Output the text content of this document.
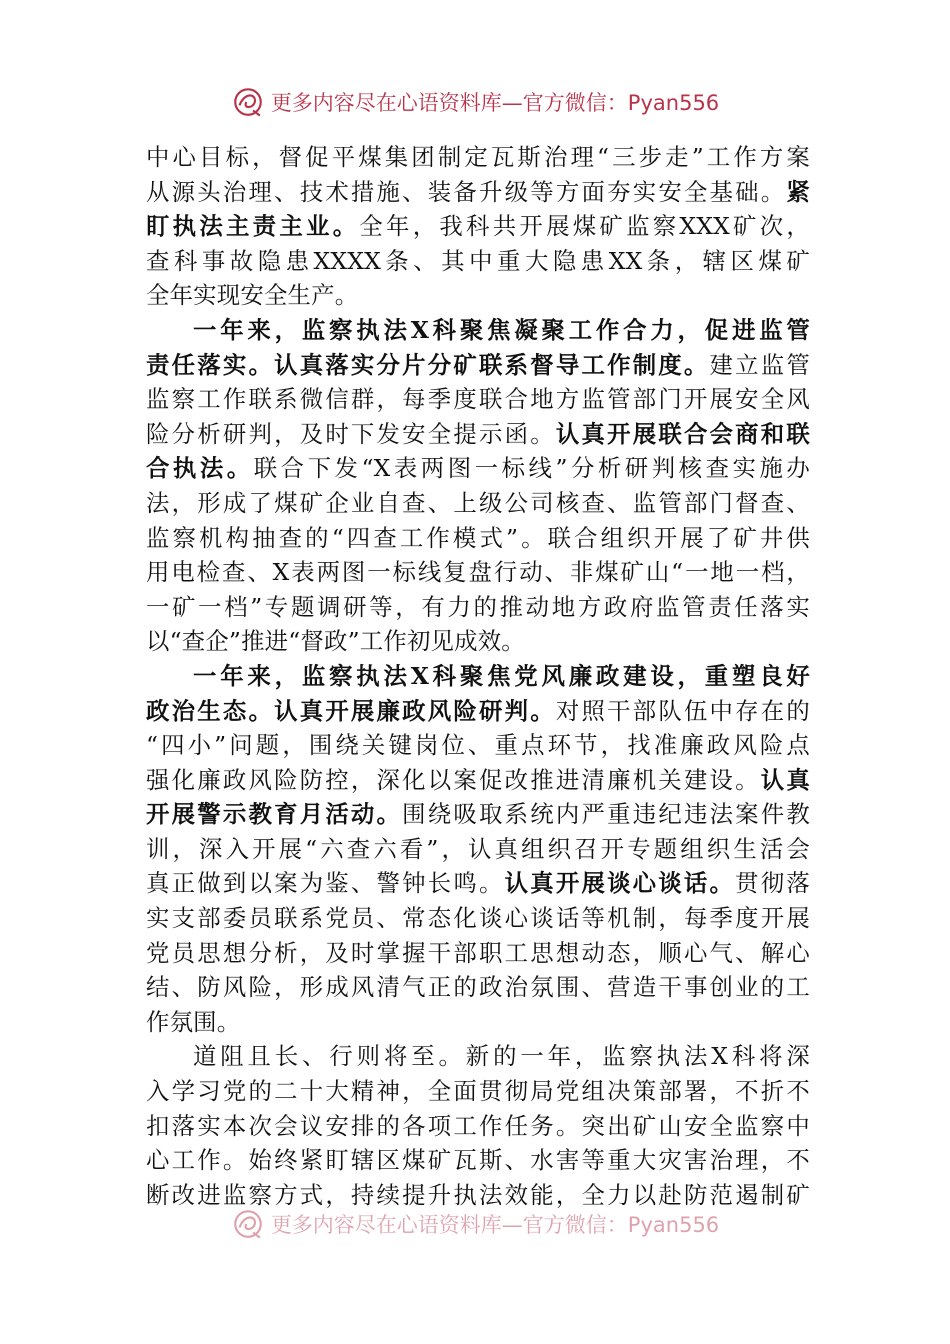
更多内容尽在心语资料库—官方微信：Pyan556
中心目标，督促平煤集团制定瓦斯治理“三步走”工作方案
从源头治理、技术措施、装备升级等方面夯实安全基础。紧
盯执法主责主业。全年，我科共开展煤矿监察XXX矿次，
查科事故隐患XXXX条、其中重大隐患XX条，辖区煤矿
全年实现安全生产。
一年来，监察执法X科聚焦凝聚工作合力，促进监管
责任落实。认真落实分片分矿联系督导工作制度。建立监管
监察工作联系微信群，每季度联合地方监管部门开展安全风
险分析研判，及时下发安全提示函。认真开展联合会商和联
合执法。联合下发“X表两图一标线”分析研判核查实施办
法，形成了煤矿企业自查、上级公司核查、监管部门督查、
监察机构抽查的“四查工作模式”。联合组织开展了矿井供
用电检查、X表两图一标线复盘行动、非煤矿山“一地一档，
一矿一档”专题调研等，有力的推动地方政府监管责任落实
以“查企”推进“督政”工作初见成效。
一年来，监察执法X科聚焦党风廉政建设，重塑良好
政治生态。认真开展廉政风险研判。对照干部队伍中存在的
“四小”问题，围绕关键岗位、重点环节，找准廉政风险点
强化廉政风险防控，深化以案促改推进清廉机关建设。认真
开展警示教育月活动。围绕吸取系统内严重违纪违法案件教
训，深入开展“六查六看”，认真组织召开专题组织生活会
真正做到以案为鉴、警钟长鸣。认真开展谈心谈话。贯彻落
实支部委员联系党员、常态化谈心谈话等机制，每季度开展
党员思想分析，及时掌握干部职工思想动态，顺心气、解心
结、防风险，形成风清气正的政治氛围、营造干事创业的工
作氛围。
道阻且长、行则将至。新的一年，监察执法X科将深
入学习党的二十大精神，全面贯彻局党组决策部署，不折不
扣落实本次会议安排的各项工作任务。突出矿山安全监察中
心工作。始终紧盯辖区煤矿瓦斯、水害等重大灾害治理，不
断改进监察方式，持续提升执法效能，全力以赴防范遏制矿
更多内容尽在心语资料库—官方微信：Pyan556
